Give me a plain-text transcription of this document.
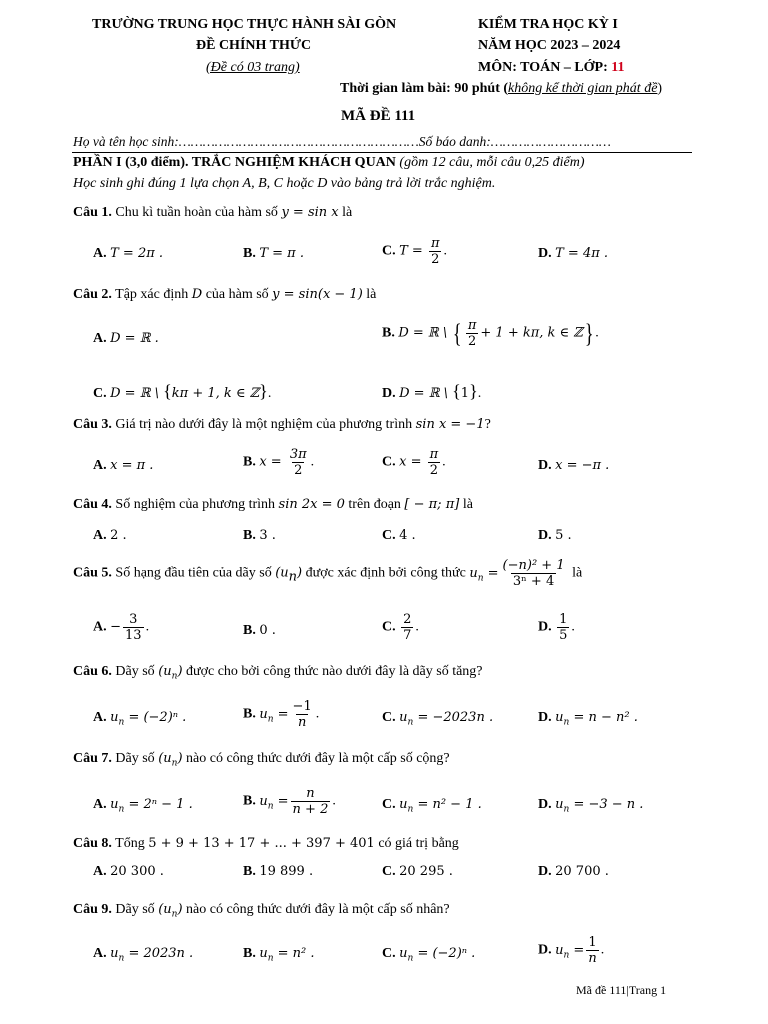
TRƯỜNG TRUNG HỌC THỰC HÀNH SÀI GÒN
ĐỀ CHÍNH THỨC
(Đề có 03 trang)
KIỂM TRA HỌC KỲ I
NĂM HỌC 2023 – 2024
MÔN: TOÁN – LỚP: 11
Thời gian làm bài: 90 phút (không kể thời gian phát đề)
MÃ ĐỀ 111
Họ và tên học sinh:……………………………………………………Số báo danh:…………………………
PHẦN I (3,0 điểm). TRẮC NGHIỆM KHÁCH QUAN (gồm 12 câu, mỗi câu 0,25 điểm)
Học sinh ghi đúng 1 lựa chọn A, B, C hoặc D vào bảng trả lời trắc nghiệm.
Câu 1. Chu kì tuần hoàn của hàm số y = sin x là
A. T = 2π .	B. T = π .	C. $T = \frac{\pi}{2}$ .	D. T = 4π .
Câu 2. Tập xác định D của hàm số y = sin(x − 1) là
A. D = ℝ .	B. D = ℝ \ { $\frac{\pi}{2} + 1 + k\pi$, k ∈ ℤ} .
C. D = ℝ \ {kπ + 1, k ∈ ℤ}.	D. D = ℝ \ {1}.
Câu 3. Giá trị nào dưới đây là một nghiệm của phương trình sin x = −1?
A. x = π .	B. $x = \frac{3\pi}{2}$ .	C. $x = \frac{\pi}{2}$ .	D. x = −π .
Câu 4. Số nghiệm của phương trình sin 2x = 0 trên đoạn [ − π; π] là
A. 2 .	B. 3 .	C. 4 .	D. 5 .
Câu 5. Số hạng đầu tiên của dãy số $(u_n)$ được xác định bởi công thức $u_n = \frac{\text{(−n)² + 1}}{\text{3ⁿ + 4}}$ là
A. − $\frac{3}{13}$ .	B. 0 .	C. $\frac{2}{7}$ .	D. $\frac{1}{5}$ .
Câu 6. Dãy số $(u_n)$ được cho bởi công thức nào dưới đây là dãy số tăng?
A. $u_n = (-2)^n$ .	B. $u_n = \frac{-1}{n}$ .	C. $u_n = -2023n$ .	D. $u_n = n - n^2$ .
Câu 7. Dãy số $(u_n)$ nào có công thức dưới đây là một cấp số cộng?
A. $u_n = 2^n - 1$ .	B. $u_n = \frac{n}{n + 2}$ .	C. $u_n = n^2 - 1$ .	D. $u_n = -3 - n$ .
Câu 8. Tổng 5 + 9 + 13 + 17 + ... + 397 + 401 có giá trị bằng
A. 20 300 .	B. 19 899 .	C. 20 295 .	D. 20 700 .
Câu 9. Dãy số $(u_n)$ nào có công thức dưới đây là một cấp số nhân?
A. $u_n = 2023n$ .	B. $u_n = n^2$ .	C. $u_n = (-2)^n$ .	D. $u_n = \frac{1}{n}$ .
Mã đề 111|Trang 1
